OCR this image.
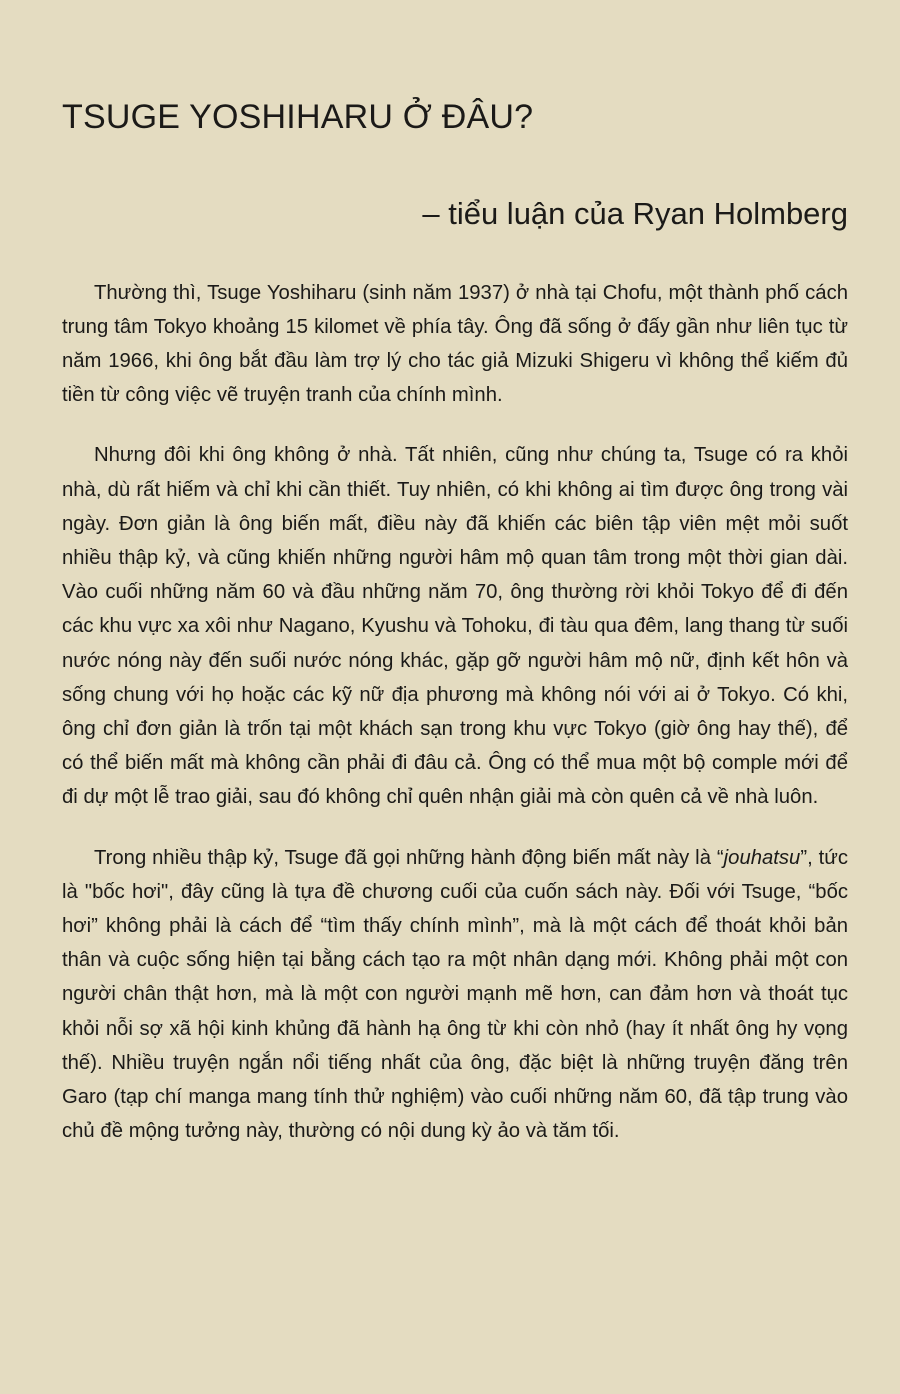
TSUGE YOSHIHARU Ở ĐÂU?
– tiểu luận của Ryan Holmberg

Thường thì, Tsuge Yoshiharu (sinh năm 1937) ở nhà tại Chofu, một thành phố cách trung tâm Tokyo khoảng 15 kilomet về phía tây. Ông đã sống ở đấy gần như liên tục từ năm 1966, khi ông bắt đầu làm trợ lý cho tác giả Mizuki Shigeru vì không thể kiếm đủ tiền từ công việc vẽ truyện tranh của chính mình.

Nhưng đôi khi ông không ở nhà. Tất nhiên, cũng như chúng ta, Tsuge có ra khỏi nhà, dù rất hiếm và chỉ khi cần thiết. Tuy nhiên, có khi không ai tìm được ông trong vài ngày. Đơn giản là ông biến mất, điều này đã khiến các biên tập viên mệt mỏi suốt nhiều thập kỷ, và cũng khiến những người hâm mộ quan tâm trong một thời gian dài. Vào cuối những năm 60 và đầu những năm 70, ông thường rời khỏi Tokyo để đi đến các khu vực xa xôi như Nagano, Kyushu và Tohoku, đi tàu qua đêm, lang thang từ suối nước nóng này đến suối nước nóng khác, gặp gỡ người hâm mộ nữ, định kết hôn và sống chung với họ hoặc các kỹ nữ địa phương mà không nói với ai ở Tokyo. Có khi, ông chỉ đơn giản là trốn tại một khách sạn trong khu vực Tokyo (giờ ông hay thế), để có thể biến mất mà không cần phải đi đâu cả. Ông có thể mua một bộ comple mới để đi dự một lễ trao giải, sau đó không chỉ quên nhận giải mà còn quên cả về nhà luôn.

Trong nhiều thập kỷ, Tsuge đã gọi những hành động biến mất này là “jouhatsu”, tức là "bốc hơi", đây cũng là tựa đề chương cuối của cuốn sách này. Đối với Tsuge, “bốc hơi” không phải là cách để “tìm thấy chính mình”, mà là một cách để thoát khỏi bản thân và cuộc sống hiện tại bằng cách tạo ra một nhân dạng mới. Không phải một con người chân thật hơn, mà là một con người mạnh mẽ hơn, can đảm hơn và thoát tục khỏi nỗi sợ xã hội kinh khủng đã hành hạ ông từ khi còn nhỏ (hay ít nhất ông hy vọng thế). Nhiều truyện ngắn nổi tiếng nhất của ông, đặc biệt là những truyện đăng trên Garo (tạp chí manga mang tính thử nghiệm) vào cuối những năm 60, đã tập trung vào chủ đề mộng tưởng này, thường có nội dung kỳ ảo và tăm tối.
